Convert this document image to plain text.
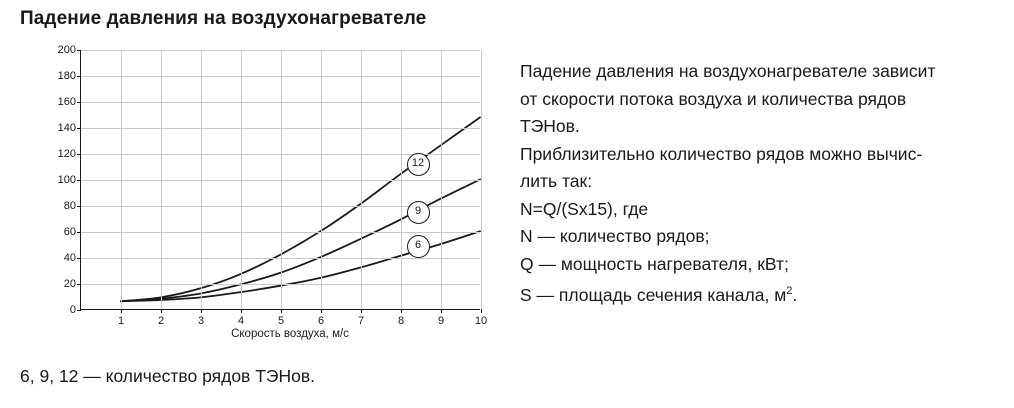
Падение давления на воздухонагревателе
0
20
40
60
80
100
120
140
160
180
200
1	2	3	4	5	6	7	8	9	10
12
9
6
Скорость воздуха, м/с

Падение давления на воздухонагревателе зависит

от скорости потока воздуха и количества рядов

ТЭНов.

Приблизительно количество рядов можно вычис-

лить так:

N=Q/(Sx15), где

N — количество рядов;

Q — мощность нагревателя, кВт;

S — площадь сечения канала, $м^2$.

6, 9, 12 — количество рядов ТЭНов.
